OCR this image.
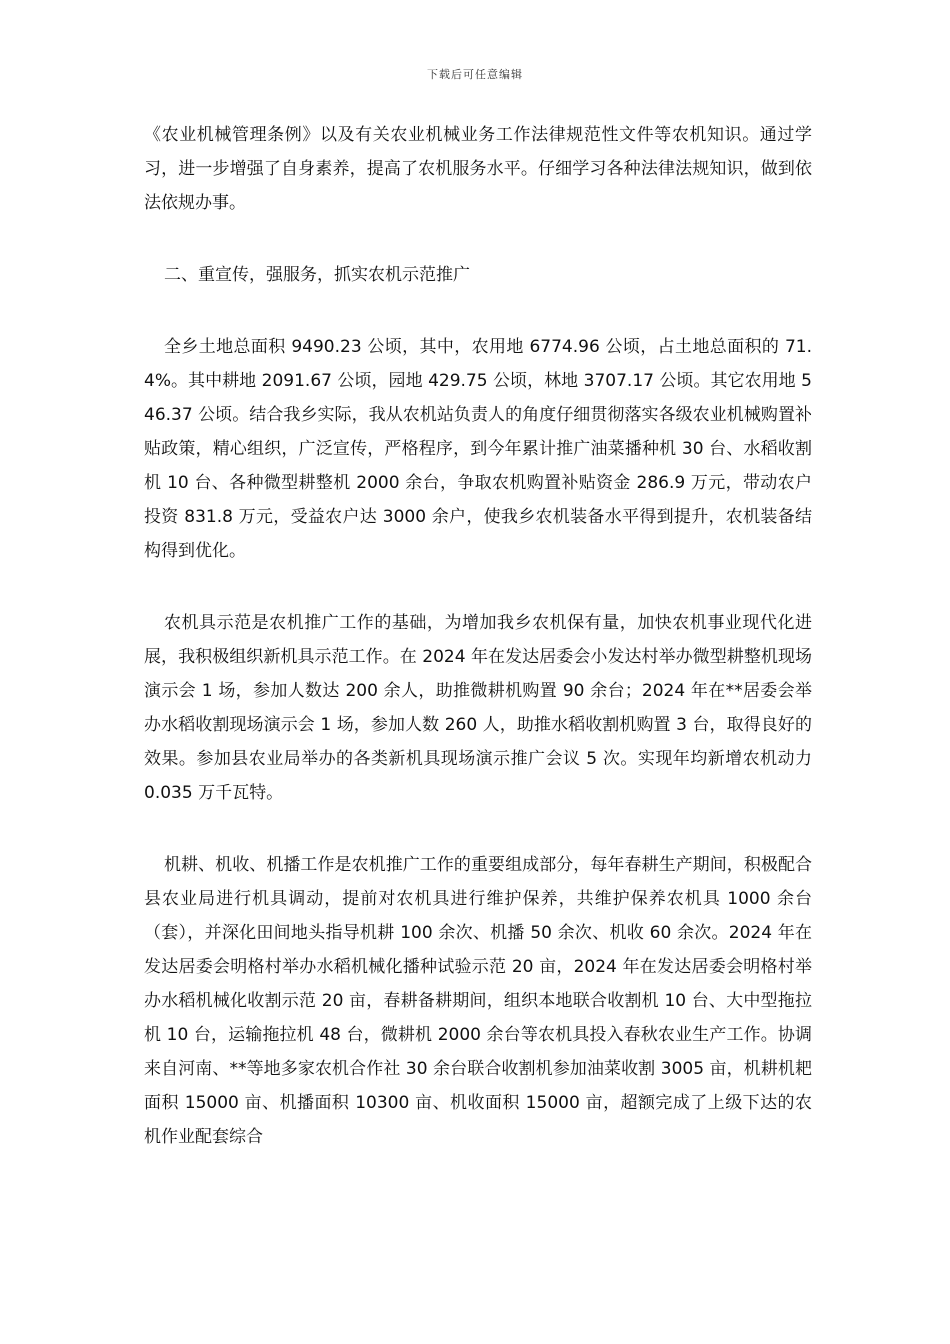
下载后可任意编辑

《农业机械管理条例》以及有关农业机械业务工作法律规范性文件等农机知识。通过学习，进一步增强了自身素养，提高了农机服务水平。仔细学习各种法律法规知识，做到依法依规办事。

二、重宣传，强服务，抓实农机示范推广

全乡土地总面积 9490.23 公顷，其中，农用地 6774.96 公顷，占土地总面积的 71.4%。其中耕地 2091.67 公顷，园地 429.75 公顷，林地 3707.17 公顷。其它农用地 546.37 公顷。结合我乡实际，我从农机站负责人的角度仔细贯彻落实各级农业机械购置补贴政策，精心组织，广泛宣传，严格程序，到今年累计推广油菜播种机 30 台、水稻收割机 10 台、各种微型耕整机 2000 余台，争取农机购置补贴资金 286.9 万元，带动农户投资 831.8 万元，受益农户达 3000 余户，使我乡农机装备水平得到提升，农机装备结构得到优化。

农机具示范是农机推广工作的基础，为增加我乡农机保有量，加快农机事业现代化进展，我积极组织新机具示范工作。在 2024 年在发达居委会小发达村举办微型耕整机现场演示会 1 场，参加人数达 200 余人，助推微耕机购置 90 余台；2024 年在**居委会举办水稻收割现场演示会 1 场，参加人数 260 人，助推水稻收割机购置 3 台，取得良好的效果。参加县农业局举办的各类新机具现场演示推广会议 5 次。实现年均新增农机动力 0.035 万千瓦特。

机耕、机收、机播工作是农机推广工作的重要组成部分，每年春耕生产期间，积极配合县农业局进行机具调动，提前对农机具进行维护保养，共维护保养农机具 1000 余台（套），并深化田间地头指导机耕 100 余次、机播 50 余次、机收 60 余次。2024 年在发达居委会明格村举办水稻机械化播种试验示范 20 亩，2024 年在发达居委会明格村举办水稻机械化收割示范 20 亩，春耕备耕期间，组织本地联合收割机 10 台、大中型拖拉机 10 台，运输拖拉机 48 台，微耕机 2000 余台等农机具投入春秋农业生产工作。协调来自河南、**等地多家农机合作社 30 余台联合收割机参加油菜收割 3005 亩，机耕机耙面积 15000 亩、机播面积 10300 亩、机收面积 15000 亩，超额完成了上级下达的农机作业配套综合
